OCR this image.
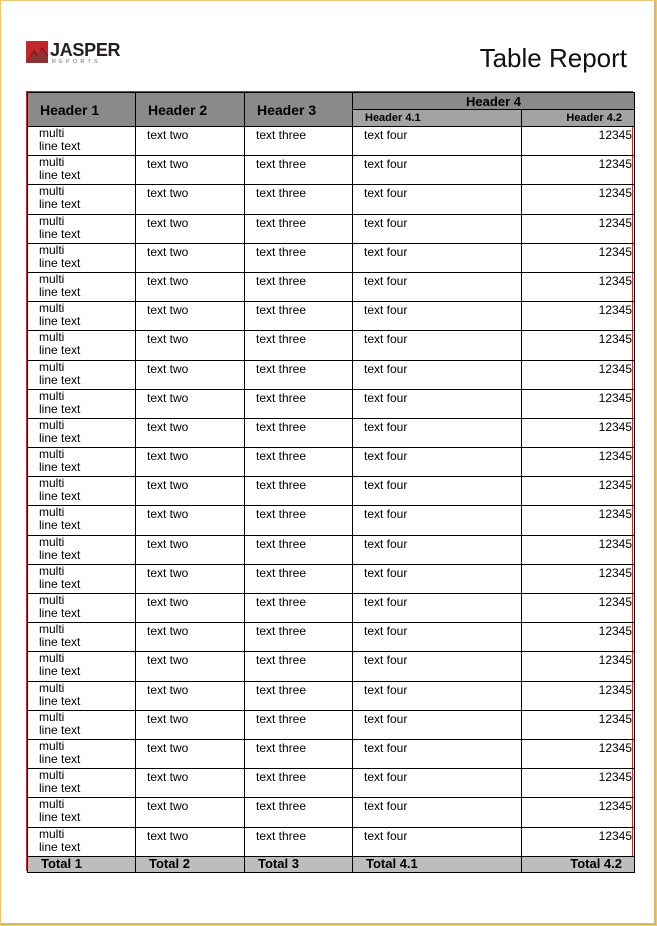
JASPER
REPORTS	Table Report
Header 1	Header 2	Header 3	Header 4	
			Header 4.1	Header 4.2

multi
line text	text two	text three	text four	12345

multi
line text	text two	text three	text four	12345

multi
line text	text two	text three	text four	12345

multi
line text	text two	text three	text four	12345

multi
line text	text two	text three	text four	12345

multi
line text	text two	text three	text four	12345

multi
line text	text two	text three	text four	12345

multi
line text	text two	text three	text four	12345

multi
line text	text two	text three	text four	12345

multi
line text	text two	text three	text four	12345

multi
line text	text two	text three	text four	12345

multi
line text	text two	text three	text four	12345

multi
line text	text two	text three	text four	12345

multi
line text	text two	text three	text four	12345

multi
line text	text two	text three	text four	12345

multi
line text	text two	text three	text four	12345

multi
line text	text two	text three	text four	12345

multi
line text	text two	text three	text four	12345

multi
line text	text two	text three	text four	12345

multi
line text	text two	text three	text four	12345

multi
line text	text two	text three	text four	12345

multi
line text	text two	text three	text four	12345

multi
line text	text two	text three	text four	12345

multi
line text	text two	text three	text four	12345

multi
line text	text two	text three	text four	12345
Total 1	Total 2	Total 3	Total 4.1	Total 4.2
